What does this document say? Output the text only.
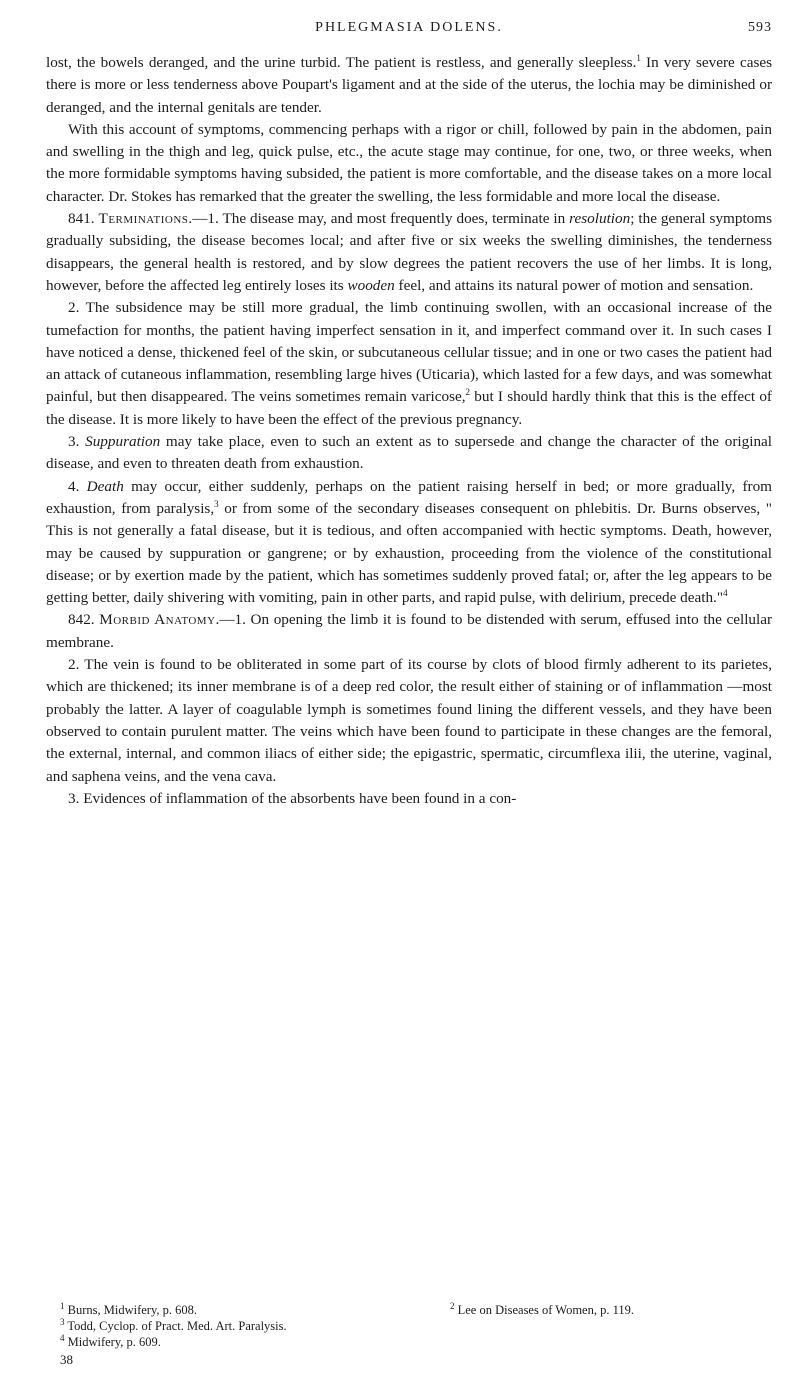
PHLEGMASIA DOLENS.	593

lost, the bowels deranged, and the urine turbid. The patient is restless, and generally sleepless.$^1$ In very severe cases there is more or less tenderness above Poupart's ligament and at the side of the uterus, the lochia may be diminished or deranged, and the internal genitals are tender.

With this account of symptoms, commencing perhaps with a rigor or chill, followed by pain in the abdomen, pain and swelling in the thigh and leg, quick pulse, etc., the acute stage may continue, for one, two, or three weeks, when the more formidable symptoms having subsided, the patient is more comfortable, and the disease takes on a more local character. Dr. Stokes has remarked that the greater the swelling, the less formidable and more local the disease.

841. Terminations.—1. The disease may, and most frequently does, terminate in resolution; the general symptoms gradually subsiding, the disease becomes local; and after five or six weeks the swelling diminishes, the tenderness disappears, the general health is restored, and by slow degrees the patient recovers the use of her limbs. It is long, however, before the affected leg entirely loses its wooden feel, and attains its natural power of motion and sensation.

2. The subsidence may be still more gradual, the limb continuing swollen, with an occasional increase of the tumefaction for months, the patient having imperfect sensation in it, and imperfect command over it. In such cases I have noticed a dense, thickened feel of the skin, or subcutaneous cellular tissue; and in one or two cases the patient had an attack of cutaneous inflammation, resembling large hives (Uticaria), which lasted for a few days, and was somewhat painful, but then disappeared. The veins sometimes remain varicose,$^2$ but I should hardly think that this is the effect of the disease. It is more likely to have been the effect of the previous pregnancy.

3. Suppuration may take place, even to such an extent as to supersede and change the character of the original disease, and even to threaten death from exhaustion.

4. Death may occur, either suddenly, perhaps on the patient raising herself in bed; or more gradually, from exhaustion, from paralysis,$^3$ or from some of the secondary diseases consequent on phlebitis. Dr. Burns observes, " This is not generally a fatal disease, but it is tedious, and often accompanied with hectic symptoms. Death, however, may be caused by suppuration or gangrene; or by exhaustion, proceeding from the violence of the constitutional disease; or by exertion made by the patient, which has sometimes suddenly proved fatal; or, after the leg appears to be getting better, daily shivering with vomiting, pain in other parts, and rapid pulse, with delirium, precede death."$^4$

842. Morbid Anatomy.—1. On opening the limb it is found to be distended with serum, effused into the cellular membrane.

2. The vein is found to be obliterated in some part of its course by clots of blood firmly adherent to its parietes, which are thickened; its inner membrane is of a deep red color, the result either of staining or of inflammation —most probably the latter. A layer of coagulable lymph is sometimes found lining the different vessels, and they have been observed to contain purulent matter. The veins which have been found to participate in these changes are the femoral, the external, internal, and common iliacs of either side; the epigastric, spermatic, circumflexa ilii, the uterine, vaginal, and saphena veins, and the vena cava.

3. Evidences of inflammation of the absorbents have been found in a con-

$^1$ Burns, Midwifery, p. 608.	$^2$ Lee on Diseases of Women, p. 119.
$^3$ Todd, Cyclop. of Pract. Med. Art. Paralysis.
$^4$ Midwifery, p. 609.
38
